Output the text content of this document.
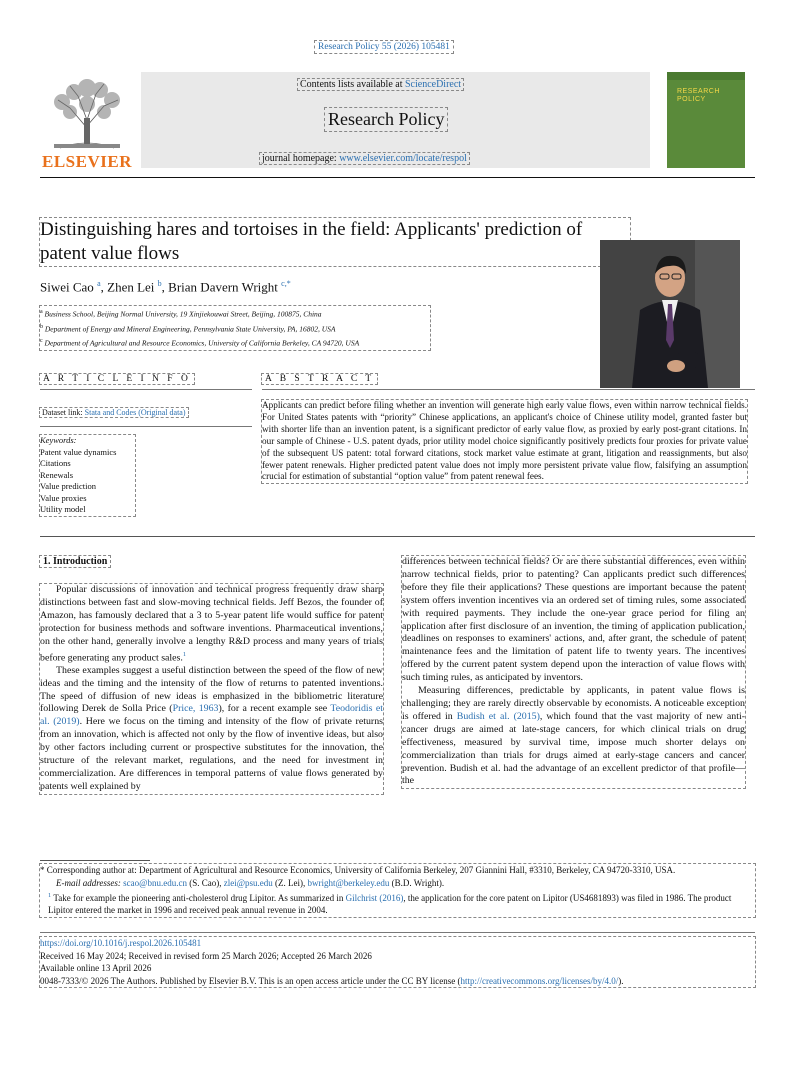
Research Policy 55 (2026) 105481
ELSEVIER
Contents lists available at ScienceDirect
Research Policy
journal homepage: www.elsevier.com/locate/respol
RESEARCH
POLICY
Distinguishing hares and tortoises in the field: Applicants' prediction of patent value flows
Siwei Cao $^a$, Zhen Lei $^b$, Brian Davern Wright $^{c,*}$
$^a$ Business School, Beijing Normal University, 19 Xinjiekouwai Street, Beijing, 100875, China
$^b$ Department of Energy and Mineral Engineering, Pennsylvania State University, PA, 16802, USA
$^c$ Department of Agricultural and Resource Economics, University of California Berkeley, CA 94720, USA
A R T I C L E I N F O
Dataset link: Stata and Codes (Original data)
Keywords:
Patent value dynamics
Citations
Renewals
Value prediction
Value proxies
Utility model
A B S T R A C T
Applicants can predict before filing whether an invention will generate high early value flows, even within narrow technical fields. For United States patents with “priority” Chinese applications, an applicant's choice of Chinese utility model, granted faster but with shorter life than an invention patent, is a significant predictor of early value flow, as proxied by early post-grant citations. In our sample of Chinese - U.S. patent dyads, prior utility model choice significantly positively predicts four proxies for private value of the subsequent US patent: total forward citations, stock market value estimate at grant, litigation and reassignments, but also fewer patent renewals. Higher predicted patent value does not imply more persistent private value flow, falsifying an assumption crucial for estimation of substantial “option value” from patent renewal fees.
1. Introduction

Popular discussions of innovation and technical progress frequently draw sharp distinctions between fast and slow-moving technical fields. Jeff Bezos, the founder of Amazon, has famously declared that a 3 to 5-year patent life would suffice for patent protection for business methods and software inventions. Pharmaceutical inventions, on the other hand, generally involve a lengthy R&D process and many years of trials before generating any product sales.$^1$

These examples suggest a useful distinction between the speed of the flow of new ideas and the timing and the intensity of the flow of returns to patented inventions. The speed of diffusion of new ideas is emphasized in the bibliometric literature following Derek de Solla Price (Price, 1963), for a recent example see Teodoridis et al. (2019). Here we focus on the timing and intensity of the flow of private returns from an innovation, which is affected not only by the flow of inventive ideas, but also by other factors including current or prospective substitutes for the innovation, the structure of the relevant market, regulations, and the need for investment in commercialization. Are differences in temporal patterns of value flows generated by patents well explained by

differences between technical fields? Or are there substantial differences, even within narrow technical fields, prior to patenting? Can applicants predict such differences before they file their applications? These questions are important because the patent system offers invention incentives via an ordered set of timing rules, some associated with required payments. They include the one-year grace period for filing an application after first disclosure of an invention, the timing of application publication, deadlines on responses to examiners' actions, and, after grant, the schedule of patent maintenance fees and the limitation of patent life to twenty years. The incentives offered by the current patent system depend upon the interaction of value flows with such timing rules, as anticipated by inventors.

Measuring differences, predictable by applicants, in patent value flows is challenging; they are rarely directly observable by economists. A noticeable exception is offered in Budish et al. (2015), which found that the vast majority of new anti-cancer drugs are aimed at late-stage cancers, for which clinical trials on drug effectiveness, measured by survival time, impose much shorter delays on commercialization than trials for drugs aimed at early-stage cancers and cancer prevention. Budish et al. had the advantage of an excellent predictor of that profile—the

* Corresponding author at: Department of Agricultural and Resource Economics, University of California Berkeley, 207 Giannini Hall, #3310, Berkeley, CA 94720-3310, USA.

E-mail addresses: scao@bnu.edu.cn (S. Cao), zlei@psu.edu (Z. Lei), bwright@berkeley.edu (B.D. Wright).

$^1$ Take for example the pioneering anti-cholesterol drug Lipitor. As summarized in Gilchrist (2016), the application for the core patent on Lipitor (US4681893) was filed in 1986. The product Lipitor entered the market in 1996 and received peak annual revenue in 2004.

https://doi.org/10.1016/j.respol.2026.105481
Received 16 May 2024; Received in revised form 25 March 2026; Accepted 26 March 2026
Available online 13 April 2026
0048-7333/© 2026 The Authors. Published by Elsevier B.V. This is an open access article under the CC BY license (http://creativecommons.org/licenses/by/4.0/).
